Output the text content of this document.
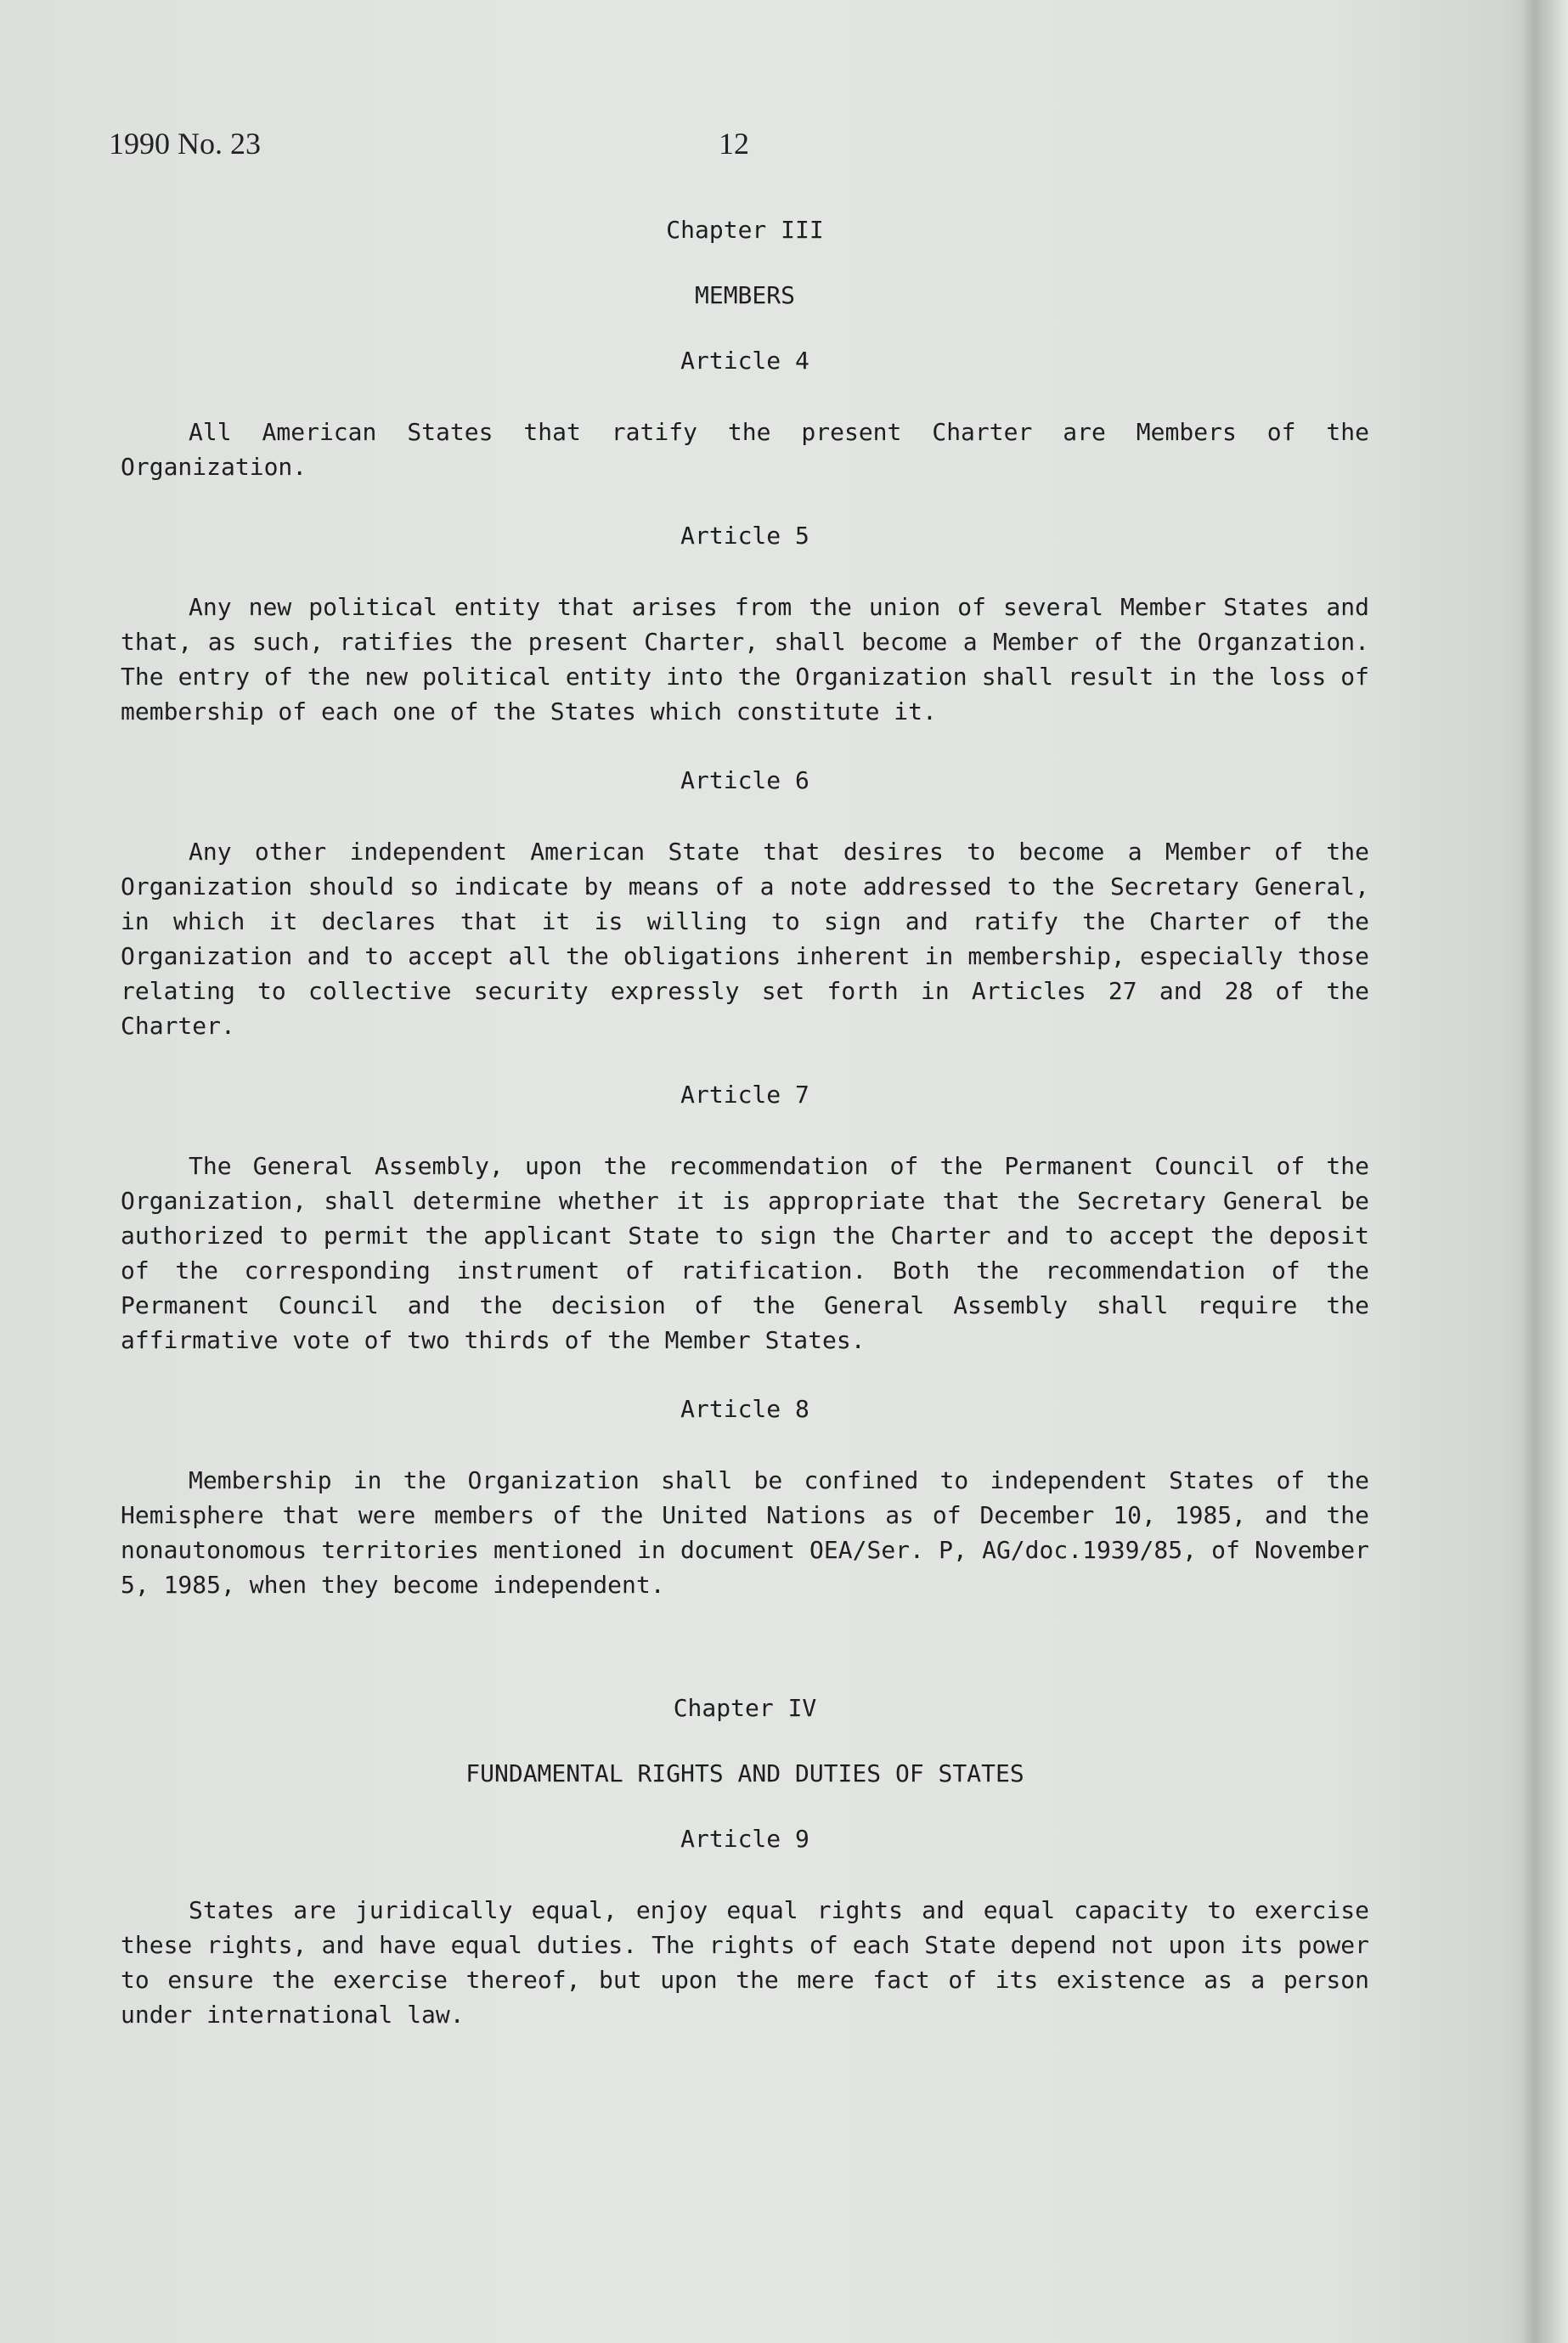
1990 No. 23	12

Chapter III

MEMBERS

Article 4

All American States that ratify the present Charter are Members of the Organization.

Article 5

Any new political entity that arises from the union of several Member States and that, as such, ratifies the present Charter, shall become a Member of the Organzation. The entry of the new political entity into the Organization shall result in the loss of membership of each one of the States which constitute it.

Article 6

Any other independent American State that desires to become a Member of the Organization should so indicate by means of a note addressed to the Secretary General, in which it declares that it is willing to sign and ratify the Charter of the Organization and to accept all the obligations inherent in membership, especially those relating to collective security expressly set forth in Articles 27 and 28 of the Charter.

Article 7

The General Assembly, upon the recommendation of the Permanent Council of the Organization, shall determine whether it is appropriate that the Secretary General be authorized to permit the applicant State to sign the Charter and to accept the deposit of the corresponding instrument of ratification. Both the recommendation of the Permanent Council and the decision of the General Assembly shall require the affirmative vote of two thirds of the Member States.

Article 8

Membership in the Organization shall be confined to independent States of the Hemisphere that were members of the United Nations as of December 10, 1985, and the nonautonomous territories mentioned in document OEA/Ser. P, AG/doc.1939/85, of November 5, 1985, when they become independent.

Chapter IV

FUNDAMENTAL RIGHTS AND DUTIES OF STATES

Article 9

States are juridically equal, enjoy equal rights and equal capacity to exercise these rights, and have equal duties. The rights of each State depend not upon its power to ensure the exercise thereof, but upon the mere fact of its existence as a person under international law.
